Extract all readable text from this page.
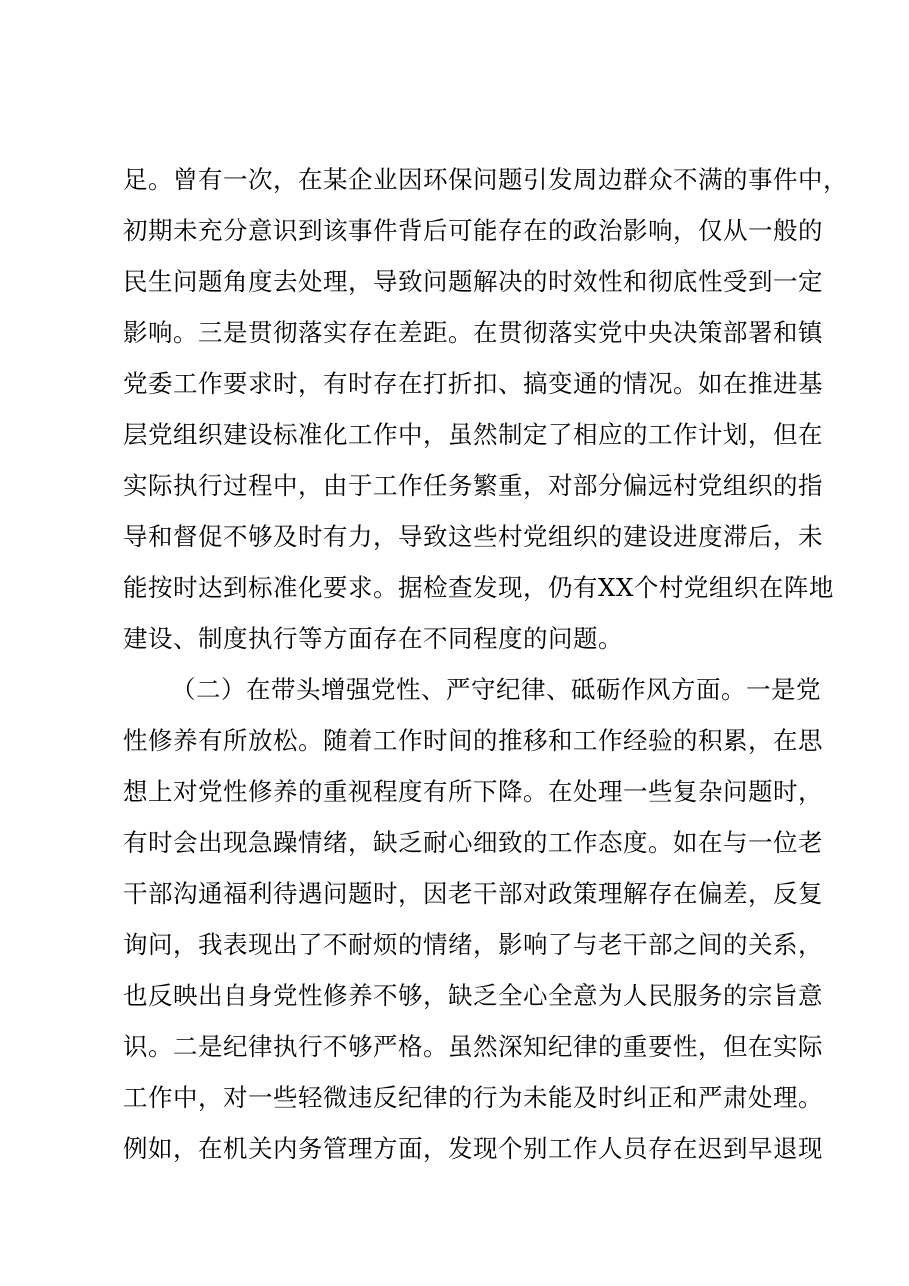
足。曾有一次，在某企业因环保问题引发周边群众不满的事件中，
初期未充分意识到该事件背后可能存在的政治影响，仅从一般的
民生问题角度去处理，导致问题解决的时效性和彻底性受到一定
影响。三是贯彻落实存在差距。在贯彻落实党中央决策部署和镇
党委工作要求时，有时存在打折扣、搞变通的情况。如在推进基
层党组织建设标准化工作中，虽然制定了相应的工作计划，但在
实际执行过程中，由于工作任务繁重，对部分偏远村党组织的指
导和督促不够及时有力，导致这些村党组织的建设进度滞后，未
能按时达到标准化要求。据检查发现，仍有XX个村党组织在阵地
建设、制度执行等方面存在不同程度的问题。
（二）在带头增强党性、严守纪律、砥砺作风方面。一是党
性修养有所放松。随着工作时间的推移和工作经验的积累，在思
想上对党性修养的重视程度有所下降。在处理一些复杂问题时，
有时会出现急躁情绪，缺乏耐心细致的工作态度。如在与一位老
干部沟通福利待遇问题时，因老干部对政策理解存在偏差，反复
询问，我表现出了不耐烦的情绪，影响了与老干部之间的关系，
也反映出自身党性修养不够，缺乏全心全意为人民服务的宗旨意
识。二是纪律执行不够严格。虽然深知纪律的重要性，但在实际
工作中，对一些轻微违反纪律的行为未能及时纠正和严肃处理。
例如，在机关内务管理方面，发现个别工作人员存在迟到早退现
